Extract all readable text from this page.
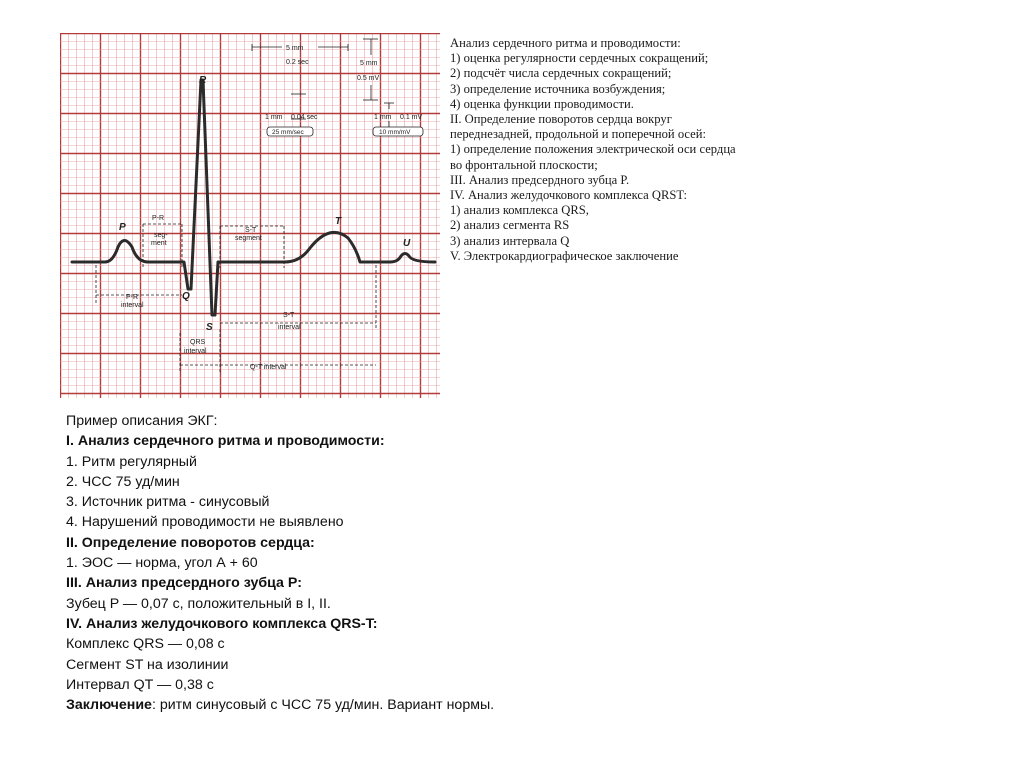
P
Q
R
S
T
U
5 mm
0.2 sec	5 mm
0.5 mV
1 mm 0.04 sec	1 mm 0.1 mV
25 mm/sec	10 mm/mV
P-R
seg-
ment
S-T
segment
P-R
interval
S-T
interval
QRS
interval
Q-T interval
Анализ сердечного ритма и проводимости:
1) оценка регулярности сердечных сокращений;
2) подсчёт числа сердечных сокращений;
3) определение источника возбуждения;
4) оценка функции проводимости.
II. Определение поворотов сердца вокруг
переднезадней, продольной и поперечной осей:
1) определение положения электрической оси сердца
во фронтальной плоскости;
III. Анализ предсердного зубца P.
IV. Анализ желудочкового комплекса QRST:
1) анализ комплекса QRS,
2) анализ сегмента RS
3) анализ интервала Q
V. Электрокардиографическое заключение
Пример описания ЭКГ:
I. Анализ сердечного ритма и проводимости:
1. Ритм регулярный
2. ЧСС 75 уд/мин
3. Источник ритма - синусовый
4. Нарушений проводимости не выявлено
II. Определение поворотов сердца:
1. ЭОС — норма, угол А + 60
III. Анализ предсердного зубца P:
Зубец P — 0,07 с, положительный в I, II.
IV. Анализ желудочкового комплекса QRS-T:
Комплекс QRS — 0,08 с
Сегмент ST на изолинии
Интервал QT — 0,38 с
Заключение: ритм синусовый с ЧСС 75 уд/мин. Вариант нормы.
